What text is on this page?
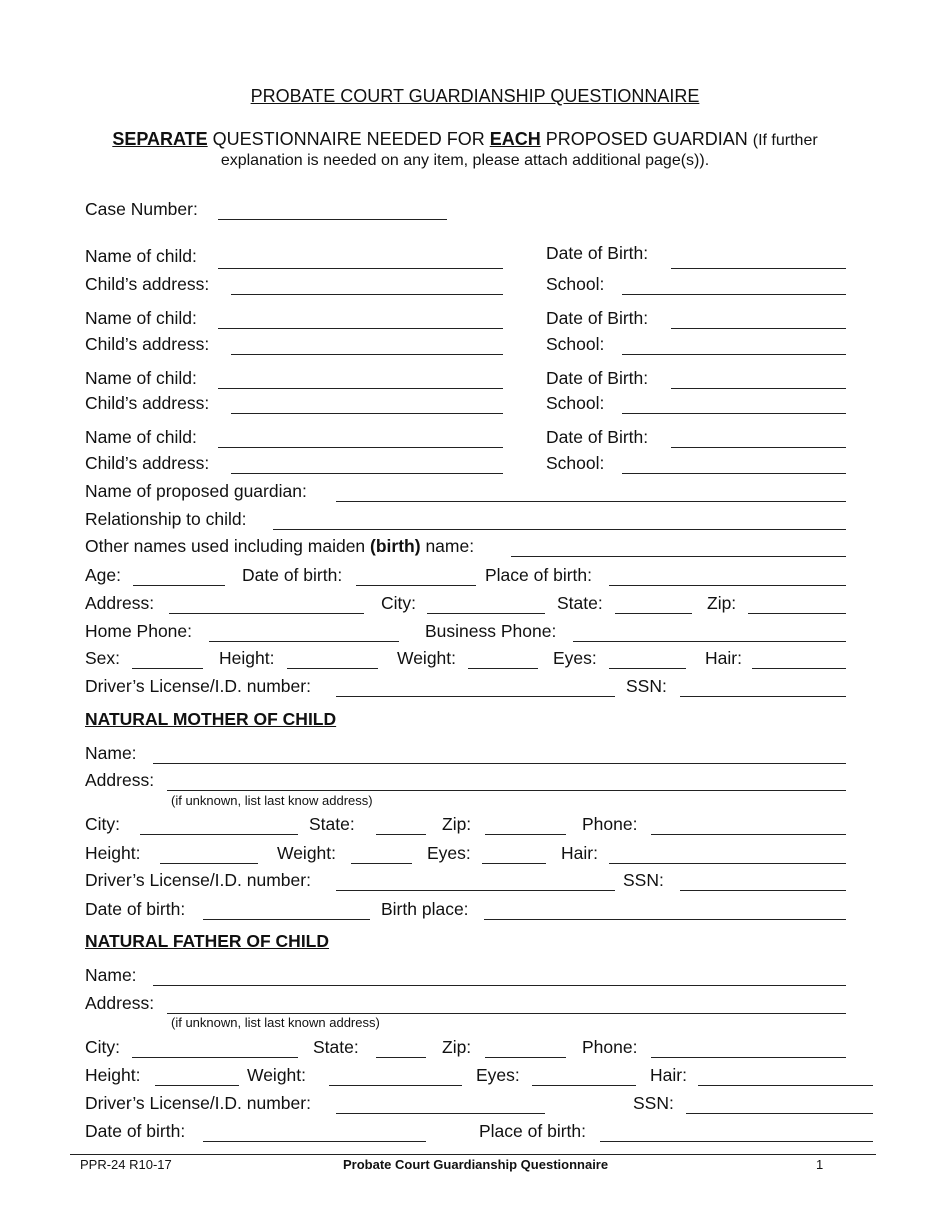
PROBATE COURT GUARDIANSHIP QUESTIONNAIRE
SEPARATE QUESTIONNAIRE NEEDED FOR EACH PROPOSED GUARDIAN (If further
explanation is needed on any item, please attach additional page(s)).
Case Number:
Name of child:	Date of Birth:
Child’s address:	School:
Name of child:	Date of Birth:
Child’s address:	School:
Name of child:	Date of Birth:
Child’s address:	School:
Name of child:	Date of Birth:
Child’s address:	School:
Name of proposed guardian:
Relationship to child:
Other names used including maiden (birth) name:
Age:	Date of birth:	Place of birth:
Address:	City:	State:	Zip:
Home Phone:	Business Phone:
Sex:	Height:	Weight:	Eyes:	Hair:
Driver’s License/I.D. number:	SSN:
NATURAL MOTHER OF CHILD
Name:
Address:
(if unknown, list last know address)
City:	State:	Zip:	Phone:
Height:	Weight:	Eyes:	Hair:
Driver’s License/I.D. number:	SSN:
Date of birth:	Birth place:
NATURAL FATHER OF CHILD
Name:
Address:
(if unknown, list last known address)
City:	State:	Zip:	Phone:
Height:	Weight:	Eyes:	Hair:
Driver’s License/I.D. number:	SSN:
Date of birth:	Place of birth:
PPR-24 R10-17	Probate Court Guardianship Questionnaire	1
